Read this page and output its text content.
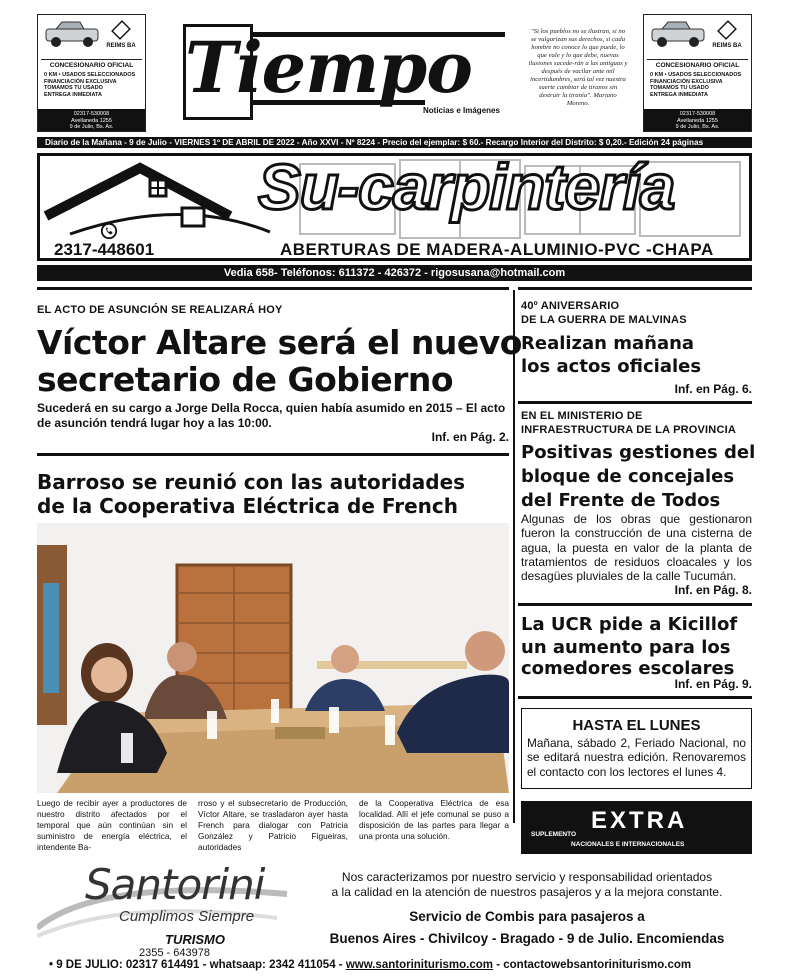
REIMS BA
CONCESIONARIO OFICIAL
0 KM • USADOS SELECCIONADOS
FINANCIACIÓN EXCLUSIVA
TOMAMOS TU USADO
ENTREGA INMEDIATA
02317-530008
Avellaneda 1255
9 de Julio, Bs. As.
Tiempo
Noticias e Imágenes
"Si los pueblos no se ilustran, si no se vulgarizan sus derechos, si cada hombre no conoce lo que puede, lo que vale y lo que debe, nuevas ilusiones sucede-rán a las antiguas y después de vacilar ante mil incertidumbres, será tal vez nuestra suerte cambiar de tiranos sin destruir la tiranía". Mariano Moreno.
REIMS BA
CONCESIONARIO OFICIAL
0 KM • USADOS SELECCIONADOS
FINANCIACIÓN EXCLUSIVA
TOMAMOS TU USADO
ENTREGA INMEDIATA
02317-530008
Avellaneda 1255
9 de Julio, Bs. As.
Diario de la Mañana - 9 de Julio - VIERNES 1º DE ABRIL DE 2022 - Año XXVI - Nº 8224 - Precio del ejemplar: $ 60.- Recargo Interior del Distrito: $ 0,20.- Edición 24 páginas
Su-carpintería
2317-448601	ABERTURAS DE MADERA-ALUMINIO-PVC -CHAPA
Vedia 658- Teléfonos: 611372 - 426372 - rigosusana@hotmail.com
EL ACTO DE ASUNCIÓN SE REALIZARÁ HOY
Víctor Altare será el nuevo
secretario de Gobierno
Sucederá en su cargo a Jorge Della Rocca, quien había asumido en 2015 – El acto de asunción tendrá lugar hoy a las 10:00.
Inf. en Pág. 2.
Barroso se reunió con las autoridades
de la Cooperativa Eléctrica de French
Luego de recibir ayer a productores de nuestro distrito afectados por el temporal que aún continúan sin el suministro de energía eléctrica, el intendente Ba-
rroso y el subsecretario de Producción, Víctor Altare, se trasladaron ayer hasta French para dialogar con Patricia González y Patricio Figueiras, autoridades
de la Cooperativa Eléctrica de esa localidad. Allí el jefe comunal se puso a disposición de las partes para llegar a una pronta una solución.
40º ANIVERSARIO
DE LA GUERRA DE MALVINAS
Realizan mañana
los actos oficiales
Inf. en Pág. 6.
EN EL MINISTERIO DE
INFRAESTRUCTURA DE LA PROVINCIA
Positivas gestiones del
bloque de concejales
del Frente de Todos
Algunas de los obras que gestionaron fueron la construcción de una cisterna de agua, la puesta en valor de la planta de tratamientos de residuos cloacales y los desagües pluviales de la calle Tucumán.
Inf. en Pág. 8.
La UCR pide a Kicillof
un aumento para los
comedores escolares
Inf. en Pág. 9.
HASTA EL LUNES
Mañana, sábado 2, Feriado Nacional, no se editará nuestra edición. Renovaremos el contacto con los lectores el lunes 4.
EXTRA
SUPLEMENTO
NACIONALES E INTERNACIONALES
Santorini
Cumplimos Siempre
TURISMO
2355 - 643978
Nos caracterizamos por nuestro servicio y responsabilidad orientados
a la calidad en la atención de nuestros pasajeros y a la mejora constante.
Servicio de Combis para pasajeros a
Buenos Aires - Chivilcoy - Bragado - 9 de Julio. Encomiendas
• 9 DE JULIO: 02317 614491 - whatsaap: 2342 411054 - www.santoriniturismo.com - contactowebsantoriniturismo.com
